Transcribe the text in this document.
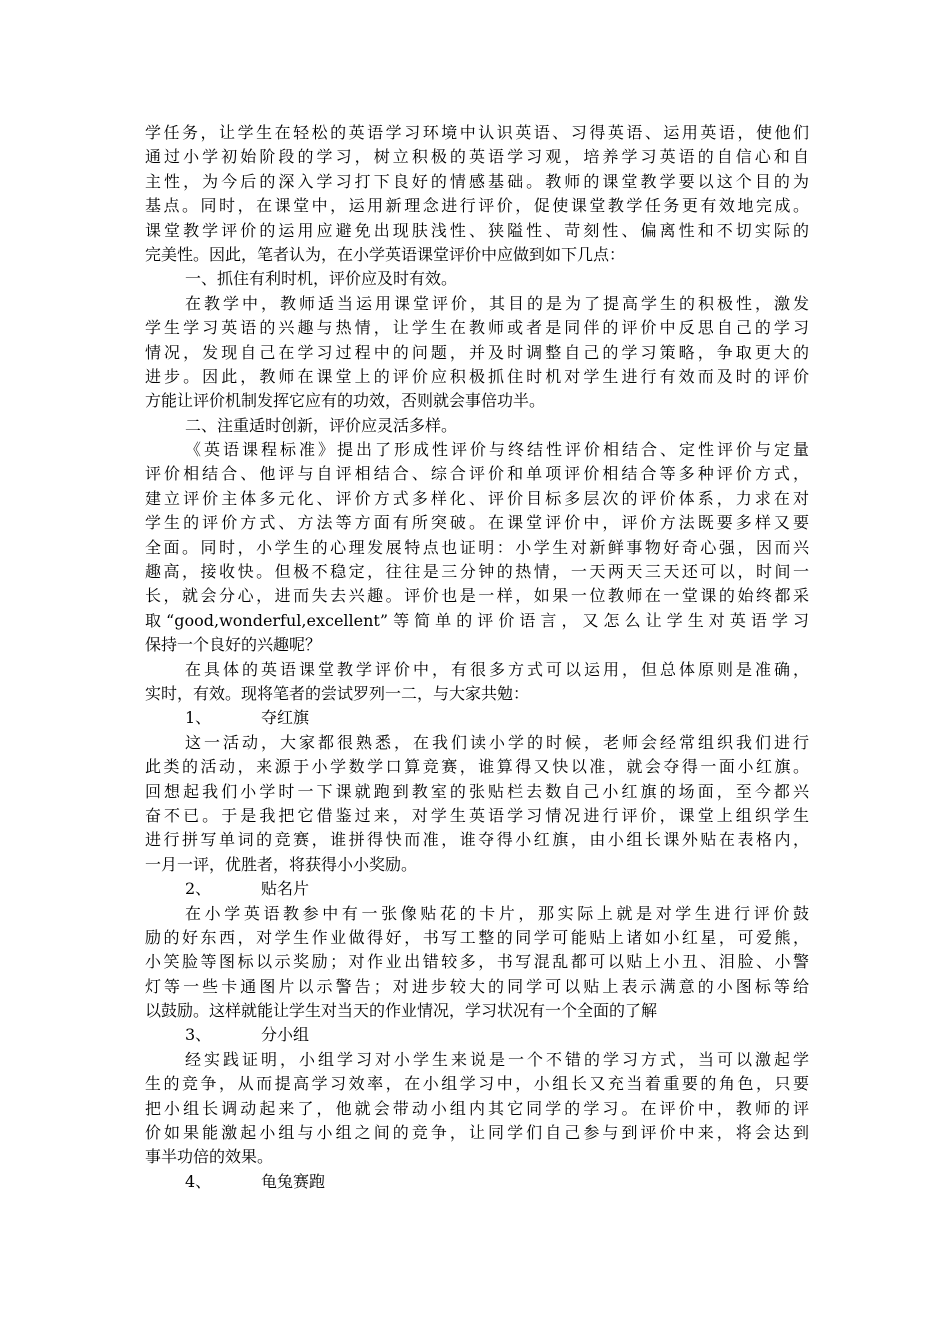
学任务，让学生在轻松的英语学习环境中认识英语、习得英语、运用英语，使他们
通过小学初始阶段的学习，树立积极的英语学习观，培养学习英语的自信心和自
主性，为今后的深入学习打下良好的情感基础。教师的课堂教学要以这个目的为
基点。同时，在课堂中，运用新理念进行评价，促使课堂教学任务更有效地完成。
课堂教学评价的运用应避免出现肤浅性、狭隘性、苛刻性、偏离性和不切实际的
完美性。因此，笔者认为，在小学英语课堂评价中应做到如下几点：
一、抓住有利时机，评价应及时有效。
在教学中，教师适当运用课堂评价，其目的是为了提高学生的积极性，激发
学生学习英语的兴趣与热情，让学生在教师或者是同伴的评价中反思自己的学习
情况，发现自己在学习过程中的问题，并及时调整自己的学习策略，争取更大的
进步。因此，教师在课堂上的评价应积极抓住时机对学生进行有效而及时的评价
方能让评价机制发挥它应有的功效，否则就会事倍功半。
二、注重适时创新，评价应灵活多样。
《英语课程标准》提出了形成性评价与终结性评价相结合、定性评价与定量
评价相结合、他评与自评相结合、综合评价和单项评价相结合等多种评价方式，
建立评价主体多元化、评价方式多样化、评价目标多层次的评价体系，力求在对
学生的评价方式、方法等方面有所突破。在课堂评价中，评价方法既要多样又要
全面。同时，小学生的心理发展特点也证明：小学生对新鲜事物好奇心强，因而兴
趣高，接收快。但极不稳定，往往是三分钟的热情，一天两天三天还可以，时间一
长，就会分心，进而失去兴趣。评价也是一样，如果一位教师在一堂课的始终都采
取“good,wonderful,excellent”等简单的评价语言，又怎么让学生对英语学习
保持一个良好的兴趣呢？
在具体的英语课堂教学评价中，有很多方式可以运用，但总体原则是准确，
实时，有效。现将笔者的尝试罗列一二，与大家共勉：
1、	夺红旗
这一活动，大家都很熟悉，在我们读小学的时候，老师会经常组织我们进行
此类的活动，来源于小学数学口算竞赛，谁算得又快以准，就会夺得一面小红旗。
回想起我们小学时一下课就跑到教室的张贴栏去数自己小红旗的场面，至今都兴
奋不已。于是我把它借鉴过来，对学生英语学习情况进行评价，课堂上组织学生
进行拼写单词的竞赛，谁拼得快而准，谁夺得小红旗，由小组长课外贴在表格内，
一月一评，优胜者，将获得小小奖励。
2、	贴名片
在小学英语教参中有一张像贴花的卡片，那实际上就是对学生进行评价鼓
励的好东西，对学生作业做得好，书写工整的同学可能贴上诸如小红星，可爱熊，
小笑脸等图标以示奖励；对作业出错较多，书写混乱都可以贴上小丑、泪脸、小警
灯等一些卡通图片以示警告；对进步较大的同学可以贴上表示满意的小图标等给
以鼓励。这样就能让学生对当天的作业情况，学习状况有一个全面的了解
3、	分小组
经实践证明，小组学习对小学生来说是一个不错的学习方式，当可以激起学
生的竞争，从而提高学习效率，在小组学习中，小组长又充当着重要的角色，只要
把小组长调动起来了，他就会带动小组内其它同学的学习。在评价中，教师的评
价如果能激起小组与小组之间的竞争，让同学们自己参与到评价中来，将会达到
事半功倍的效果。
4、	龟兔赛跑
